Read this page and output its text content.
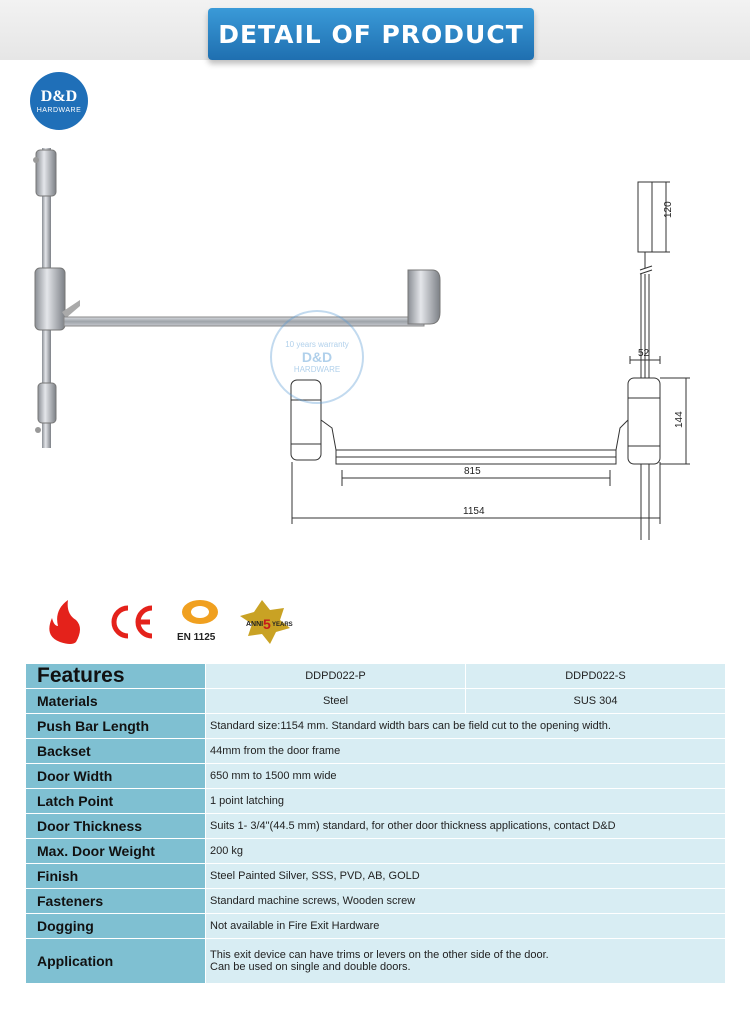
DETAIL OF PRODUCT
D&D
HARDWARE
120
52
144
815
1154
10 years warranty
D&D
HARDWARE
EN 1125
ANNI 5 YEARS
Features	DDPD022-P	DDPD022-S
Materials	Steel	SUS 304
Push Bar Length	Standard size:1154 mm. Standard width bars can be field cut to the opening width.	
Backset	44mm from the door frame	
Door Width	650 mm to 1500 mm wide	
Latch Point	1 point latching	
Door Thickness	Suits 1- 3/4"(44.5 mm) standard, for other door thickness applications, contact D&D	
Max. Door Weight	200 kg	
Finish	Steel Painted Silver, SSS, PVD, AB, GOLD	
Fasteners	Standard machine screws, Wooden screw	
Dogging	Not available in Fire Exit Hardware	
Application	This exit device can have trims or levers on the other side of the door.
Can be used on single and double doors.	
